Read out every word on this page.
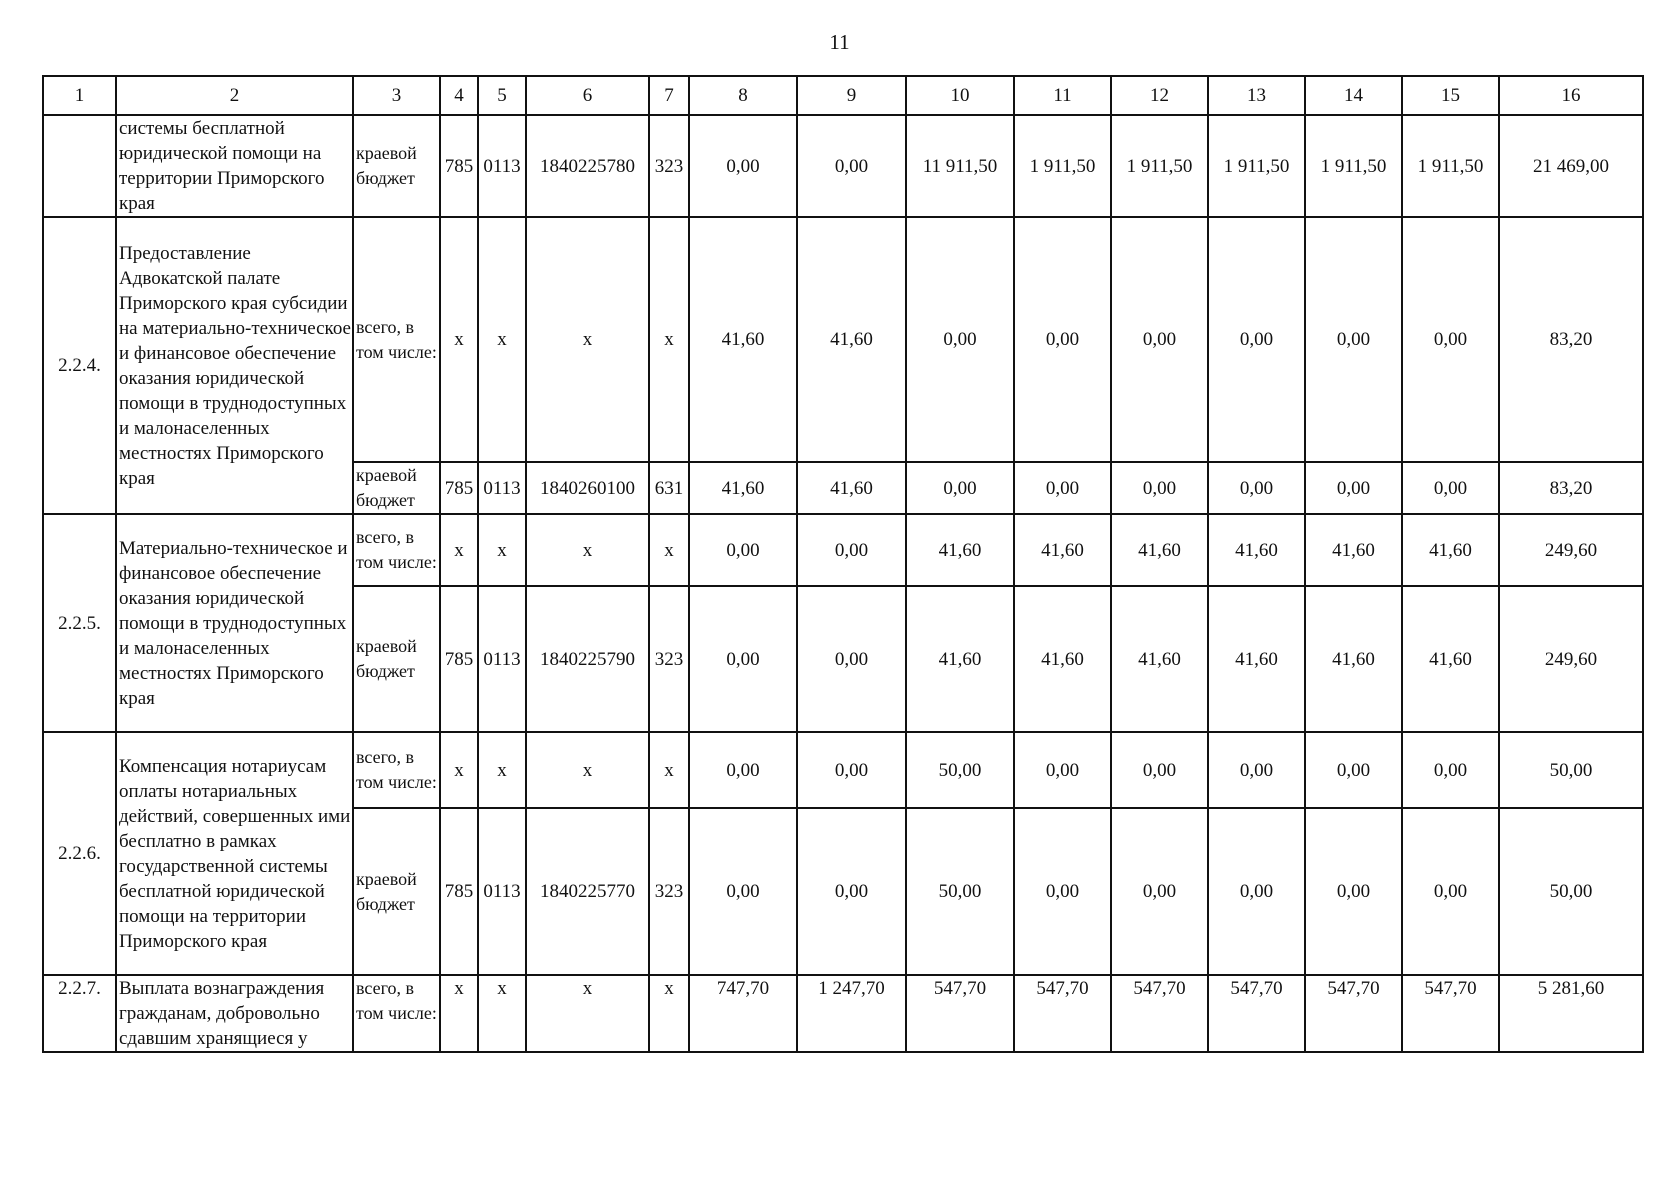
11
1	2	3	4	5	6	7	8	9	10	11	12	13	14	15	16
	системы бесплатной юридической помощи на территории Приморского края	краевой бюджет	785	0113	1840225780	323	0,00	0,00	11 911,50	1 911,50	1 911,50	1 911,50	1 911,50	1 911,50	21 469,00
2.2.4.	Предоставление Адвокатской палате Приморского края субсидии на материально-техническое и финансовое обеспечение оказания юридической помощи в труднодоступных и малонаселенных местностях Приморского края	всего, в том числе:	х	х	х	х	41,60	41,60	0,00	0,00	0,00	0,00	0,00	0,00	83,20
		краевой бюджет	785	0113	1840260100	631	41,60	41,60	0,00	0,00	0,00	0,00	0,00	0,00	83,20
2.2.5.	Материально-техническое и финансовое обеспечение оказания юридической помощи в труднодоступных и малонаселенных местностях Приморского края	всего, в том числе:	х	х	х	х	0,00	0,00	41,60	41,60	41,60	41,60	41,60	41,60	249,60
		краевой бюджет	785	0113	1840225790	323	0,00	0,00	41,60	41,60	41,60	41,60	41,60	41,60	249,60
2.2.6.	Компенсация нотариусам оплаты нотариальных действий, совершенных ими бесплатно в рамках государственной системы бесплатной юридической помощи на территории Приморского края	всего, в том числе:	х	х	х	х	0,00	0,00	50,00	0,00	0,00	0,00	0,00	0,00	50,00
		краевой бюджет	785	0113	1840225770	323	0,00	0,00	50,00	0,00	0,00	0,00	0,00	0,00	50,00
2.2.7.	Выплата вознаграждения гражданам, добровольно сдавшим хранящиеся у	всего, в том числе:	х	х	х	х	747,70	1 247,70	547,70	547,70	547,70	547,70	547,70	547,70	5 281,60
